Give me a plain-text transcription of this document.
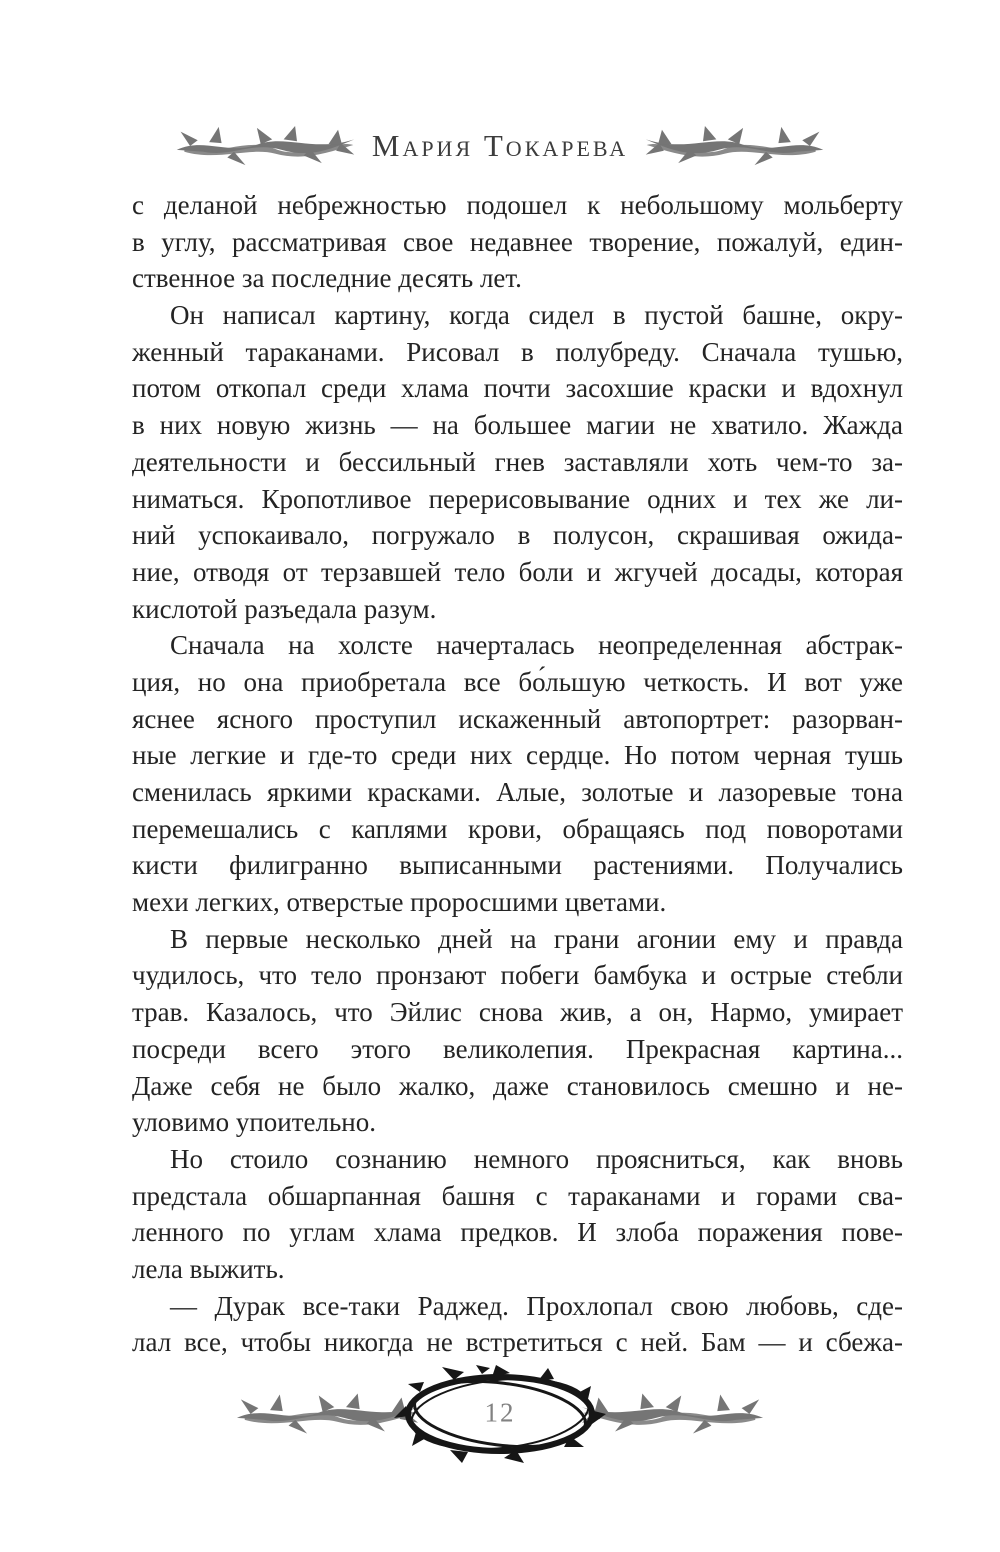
Мария Токарева
с деланой небрежностью подошел к небольшому мольберту
в углу, рассматривая свое недавнее творение, пожалуй, един-
ственное за последние десять лет.
Он написал картину, когда сидел в пустой башне, окру-
женный тараканами. Рисовал в полубреду. Сначала тушью,
потом откопал среди хлама почти засохшие краски и вдохнул
в них новую жизнь — на большее магии не хватило. Жажда
деятельности и бессильный гнев заставляли хоть чем-то за-
ниматься. Кропотливое перерисовывание одних и тех же ли-
ний успокаивало, погружало в полусон, скрашивая ожида-
ние, отводя от терзавшей тело боли и жгучей досады, которая
кислотой разъедала разум.
Сначала на холсте начерталась неопределенная абстрак-
ция, но она приобретала все бо́льшую четкость. И вот уже
яснее ясного проступил искаженный автопортрет: разорван-
ные легкие и где-то среди них сердце. Но потом черная тушь
сменилась яркими красками. Алые, золотые и лазоревые тона
перемешались с каплями крови, обращаясь под поворотами
кисти филигранно выписанными растениями. Получались
мехи легких, отверстые проросшими цветами.
В первые несколько дней на грани агонии ему и правда
чудилось, что тело пронзают побеги бамбука и острые стебли
трав. Казалось, что Эйлис снова жив, а он, Нармо, умирает
посреди всего этого великолепия. Прекрасная картина...
Даже себя не было жалко, даже становилось смешно и не-
уловимо упоительно.
Но стоило сознанию немного проясниться, как вновь
предстала обшарпанная башня с тараканами и горами сва-
ленного по углам хлама предков. И злоба поражения пове-
лела выжить.
— Дурак все-таки Раджед. Прохлопал свою любовь, сде-
лал все, чтобы никогда не встретиться с ней. Бам — и сбежа-
12
